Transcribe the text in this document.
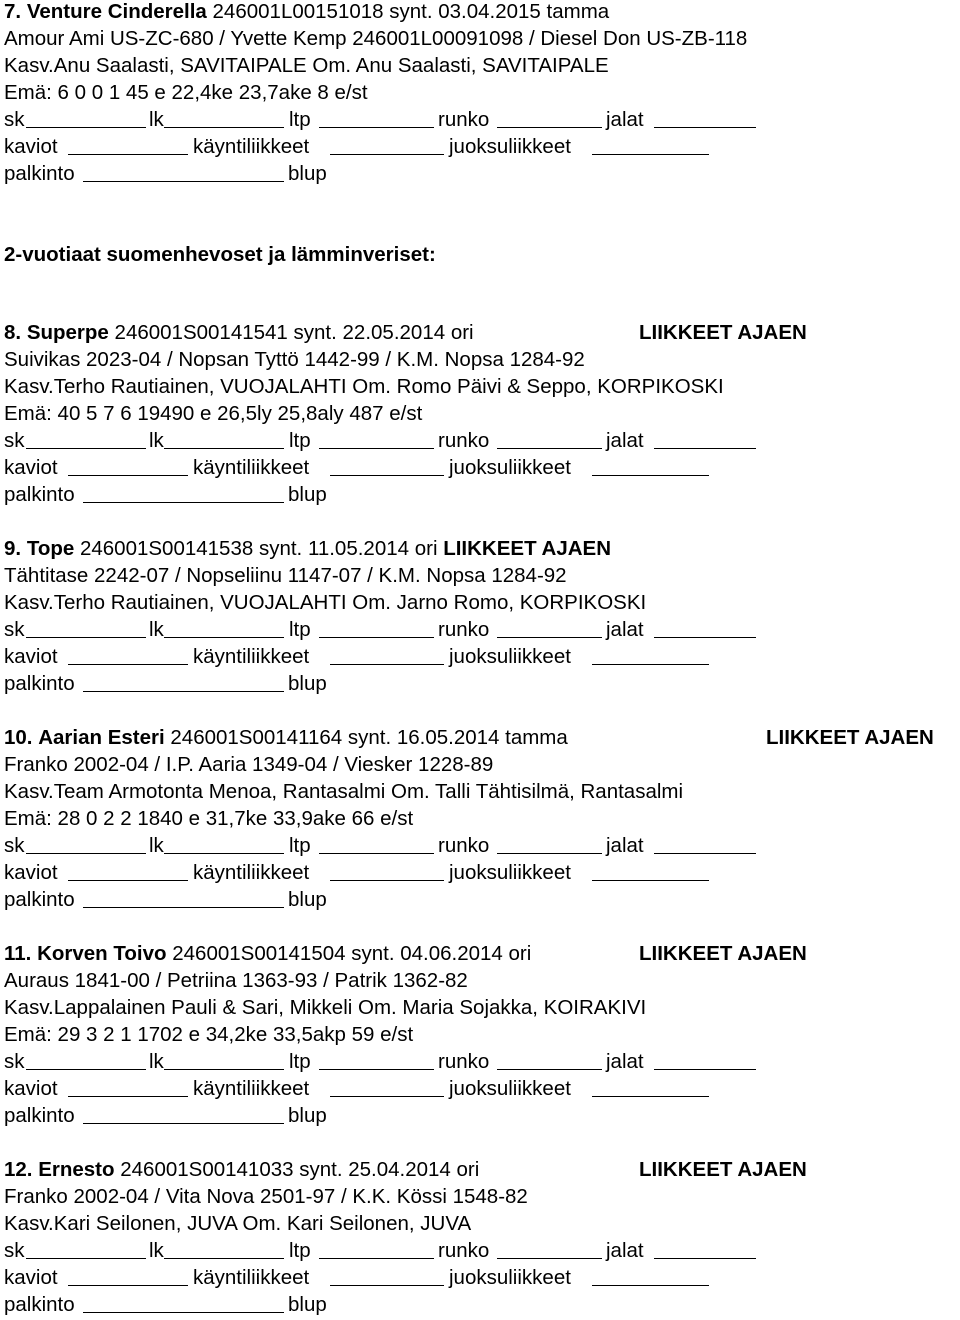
7. Venture Cinderella 246001L00151018 synt. 03.04.2015 tamma
Amour Ami US-ZC-680 / Yvette Kemp 246001L00091098 / Diesel Don US-ZB-118
Kasv.Anu Saalasti, SAVITAIPALE Om. Anu Saalasti, SAVITAIPALE
Emä: 6 0 0 1 45 e 22,4ke 23,7ake 8 e/st
sk	lk	ltp	runko	jalat
kaviot	käyntiliikkeet	juoksuliikkeet
palkinto	blup
2-vuotiaat suomenhevoset ja lämminveriset:
8. Superpe 246001S00141541 synt. 22.05.2014 ori	LIIKKEET AJAEN
Suivikas 2023-04 / Nopsan Tyttö 1442-99 / K.M. Nopsa 1284-92
Kasv.Terho Rautiainen, VUOJALAHTI Om. Romo Päivi & Seppo, KORPIKOSKI
Emä: 40 5 7 6 19490 e 26,5ly 25,8aly 487 e/st
sk	lk	ltp	runko	jalat
kaviot	käyntiliikkeet	juoksuliikkeet
palkinto	blup
9. Tope 246001S00141538 synt. 11.05.2014 ori LIIKKEET AJAEN
Tähtitase 2242-07 / Nopseliinu 1147-07 / K.M. Nopsa 1284-92
Kasv.Terho Rautiainen, VUOJALAHTI Om. Jarno Romo, KORPIKOSKI
sk	lk	ltp	runko	jalat
kaviot	käyntiliikkeet	juoksuliikkeet
palkinto	blup
10. Aarian Esteri 246001S00141164 synt. 16.05.2014 tamma	LIIKKEET AJAEN
Franko 2002-04 / I.P. Aaria 1349-04 / Viesker 1228-89
Kasv.Team Armotonta Menoa, Rantasalmi Om. Talli Tähtisilmä, Rantasalmi
Emä: 28 0 2 2 1840 e 31,7ke 33,9ake 66 e/st
sk	lk	ltp	runko	jalat
kaviot	käyntiliikkeet	juoksuliikkeet
palkinto	blup
11. Korven Toivo 246001S00141504 synt. 04.06.2014 ori	LIIKKEET AJAEN
Auraus 1841-00 / Petriina 1363-93 / Patrik 1362-82
Kasv.Lappalainen Pauli & Sari, Mikkeli Om. Maria Sojakka, KOIRAKIVI
Emä: 29 3 2 1 1702 e 34,2ke 33,5akp 59 e/st
sk	lk	ltp	runko	jalat
kaviot	käyntiliikkeet	juoksuliikkeet
palkinto	blup
12. Ernesto 246001S00141033 synt. 25.04.2014 ori	LIIKKEET AJAEN
Franko 2002-04 / Vita Nova 2501-97 / K.K. Kössi 1548-82
Kasv.Kari Seilonen, JUVA Om. Kari Seilonen, JUVA
sk	lk	ltp	runko	jalat
kaviot	käyntiliikkeet	juoksuliikkeet
palkinto	blup
